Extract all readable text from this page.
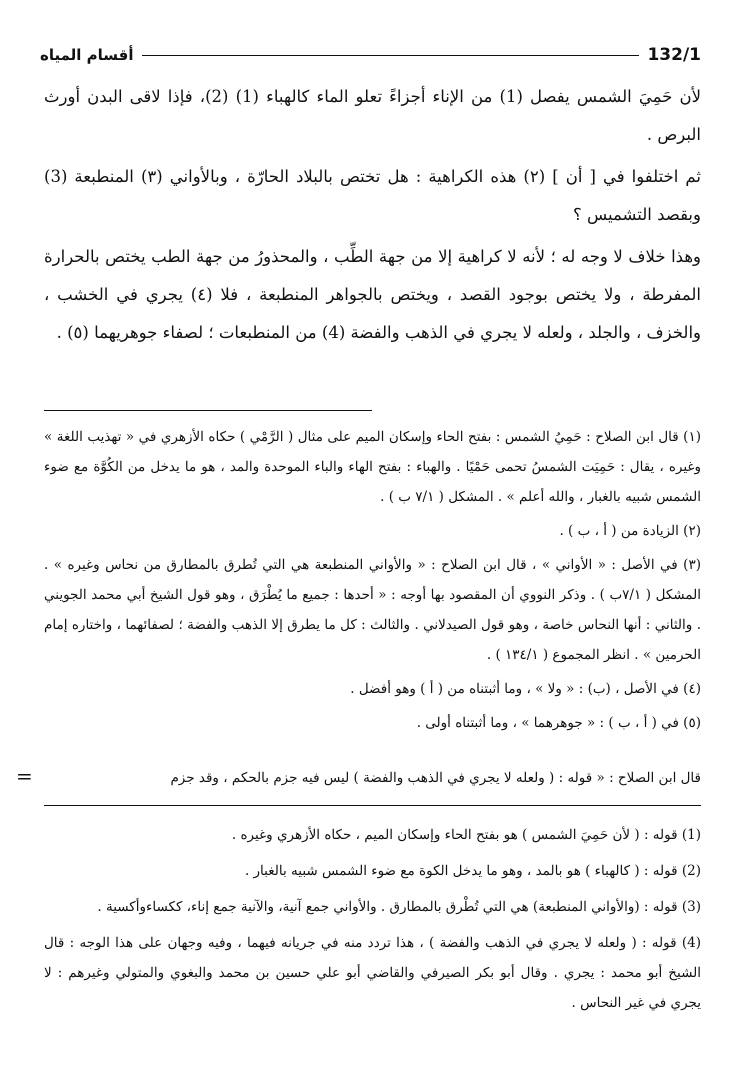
132/1
أقسام المياه

لأن حَمِيَ الشمس يفصل (1) من الإناء أجزاءً تعلو الماء كالهباء (1) (2)، فإذا لاقى البدن أورث البرص .

ثم اختلفوا في [ أن ] (٢) هذه الكراهية : هل تختص بالبلاد الحارّة ، وبالأواني (٣) المنطبعة (3) وبقصد التشميس ؟

وهذا خلاف لا وجه له ؛ لأنه لا كراهية إلا من جهة الطِّب ، والمحذورُ من جهة الطب يختص بالحرارة المفرطة ، ولا يختص بوجود القصد ، ويختص بالجواهر المنطبعة ، فلا (٤) يجري في الخشب ، والخزف ، والجلد ، ولعله لا يجري في الذهب والفضة (4) من المنطبعات ؛ لصفاء جوهريهما (٥) .

(١) قال ابن الصلاح : حَمِيُ الشمس : بفتح الحاء وإسكان الميم على مثال ( الرَّمْي ) حكاه الأزهري في « تهذيب اللغة » وغيره ، يقال : حَمِيَت الشمسُ تحمى حَمْيًا . والهباء : بفتح الهاء والباء الموحدة والمد ، هو ما يدخل من الكُوَّة مع ضوء الشمس شبيه بالغبار ، والله أعلم » . المشكل ( ٧/١ ب ) .

(٢) الزيادة من ( أ ، ب ) .

(٣) في الأصل : « الأواني » ، قال ابن الصلاح : « والأواني المنطبعة هي التي تُطرق بالمطارق من نحاس وغيره » . المشكل ( ٧/١ب ) . وذكر النووي أن المقصود بها أوجه : « أحدها : جميع ما يُطْرَق ، وهو قول الشيخ أبي محمد الجويني . والثاني : أنها النحاس خاصة ، وهو قول الصيدلاني . والثالث : كل ما يطرق إلا الذهب والفضة ؛ لصفائهما ، واختاره إمام الحرمين » . انظر المجموع ( ١٣٤/١ ) .

(٤) في الأصل ، (ب) : « ولا » ، وما أثبتناه من ( أ ) وهو أفضل .

(٥) في ( أ ، ب ) : « جوهرهما » ، وما أثبتناه أولى .

قال ابن الصلاح : « قوله : ( ولعله لا يجري في الذهب والفضة ) ليس فيه جزم بالحكم ، وقد جزم
=

(1) قوله : ( لأن حَمِيَ الشمس ) هو بفتح الحاء وإسكان الميم ، حكاه الأزهري وغيره .

(2) قوله : ( كالهباء ) هو بالمد ، وهو ما يدخل الكوة مع ضوء الشمس شبيه بالغبار .

(3) قوله : (والأواني المنطبعة) هي التي تُطْرق بالمطارق . والأواني جمع آنية، والآنية جمع إناء، ككساءوأكسية .

(4) قوله : ( ولعله لا يجري في الذهب والفضة ) ، هذا تردد منه في جريانه فيهما ، وفيه وجهان على هذا الوجه : قال الشيخ أبو محمد : يجري . وقال أبو بكر الصيرفي والقاضي أبو علي حسين بن محمد والبغوي والمتولي وغيرهم : لا يجري في غير النحاس .
